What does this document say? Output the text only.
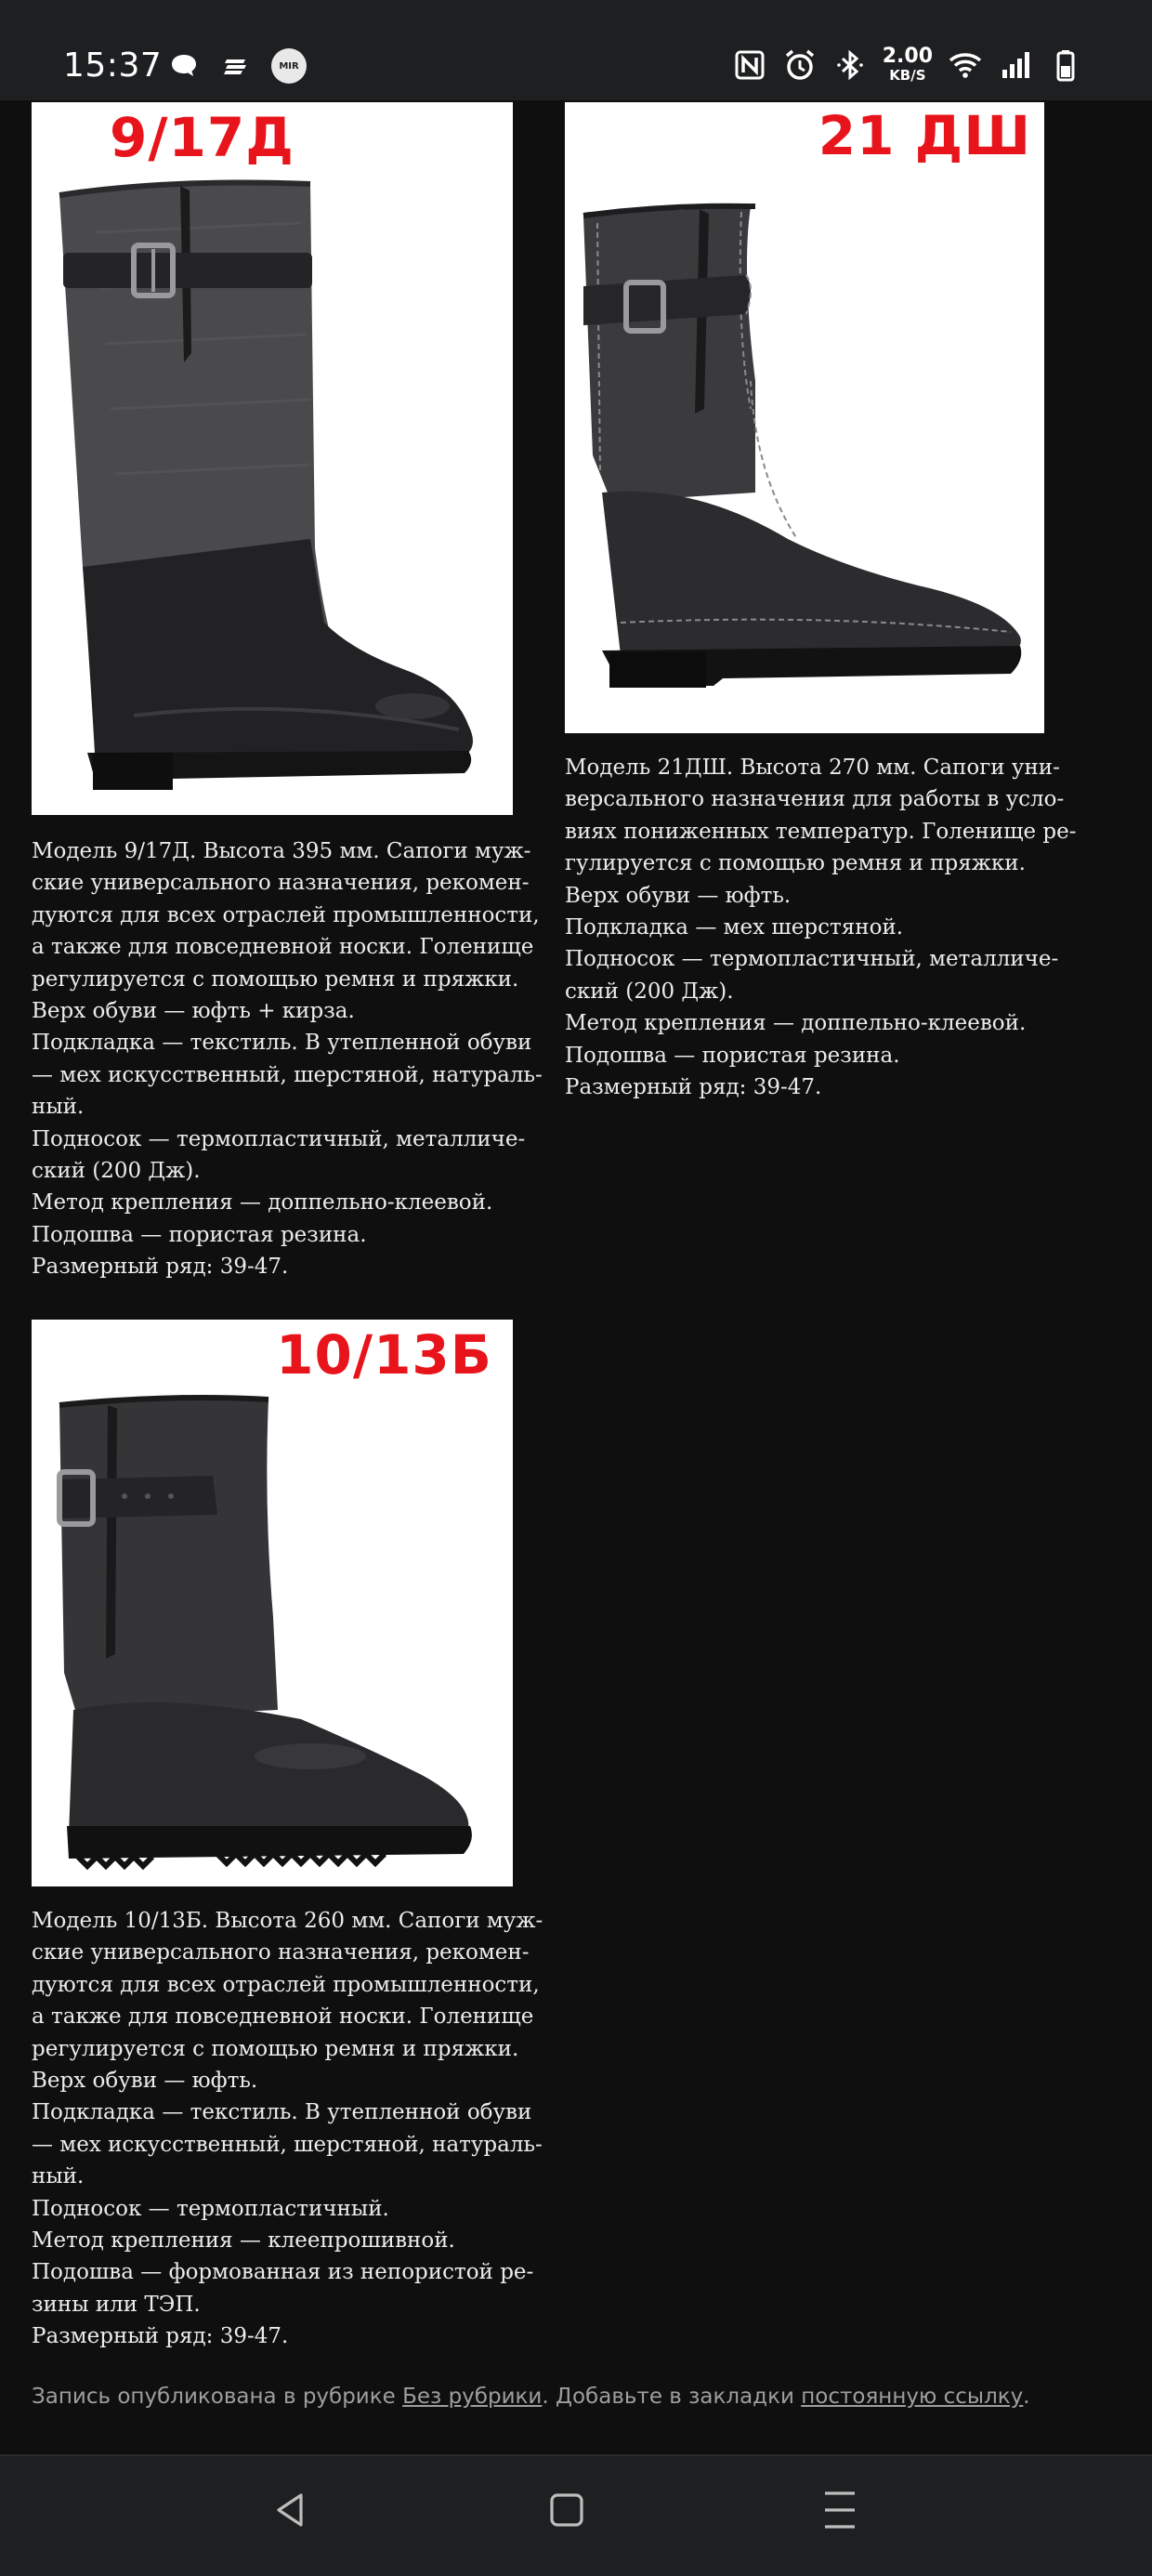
15:37	MIR	2.00
KB/S
9/17Д
Модель 9/17Д. Высота 395 мм. Сапоги муж-
ские универсального назначения, рекомен-
дуются для всех отраслей промышленности,
а также для повседневной носки. Голенище
регулируется с помощью ремня и пряжки.
Верх обуви — юфть + кирза.
Подкладка — текстиль. В утепленной обуви
— мех искусственный, шерстяной, натураль-
ный.
Подносок — термопластичный, металличе-
ский (200 Дж).
Метод крепления — доппельно-клеевой.
Подошва — пористая резина.
Размерный ряд: 39-47.
21 ДШ
Модель 21ДШ. Высота 270 мм. Сапоги уни-
версального назначения для работы в усло-
виях пониженных температур. Голенище ре-
гулируется с помощью ремня и пряжки.
Верх обуви — юфть.
Подкладка — мех шерстяной.
Подносок — термопластичный, металличе-
ский (200 Дж).
Метод крепления — доппельно-клеевой.
Подошва — пористая резина.
Размерный ряд: 39-47.
10/13Б
Модель 10/13Б. Высота 260 мм. Сапоги муж-
ские универсального назначения, рекомен-
дуются для всех отраслей промышленности,
а также для повседневной носки. Голенище
регулируется с помощью ремня и пряжки.
Верх обуви — юфть.
Подкладка — текстиль. В утепленной обуви
— мех искусственный, шерстяной, натураль-
ный.
Подносок — термопластичный.
Метод крепления — клеепрошивной.
Подошва — формованная из непористой ре-
зины или ТЭП.
Размерный ряд: 39-47.
Запись опубликована в рубрике Без рубрики. Добавьте в закладки постоянную ссылку.
